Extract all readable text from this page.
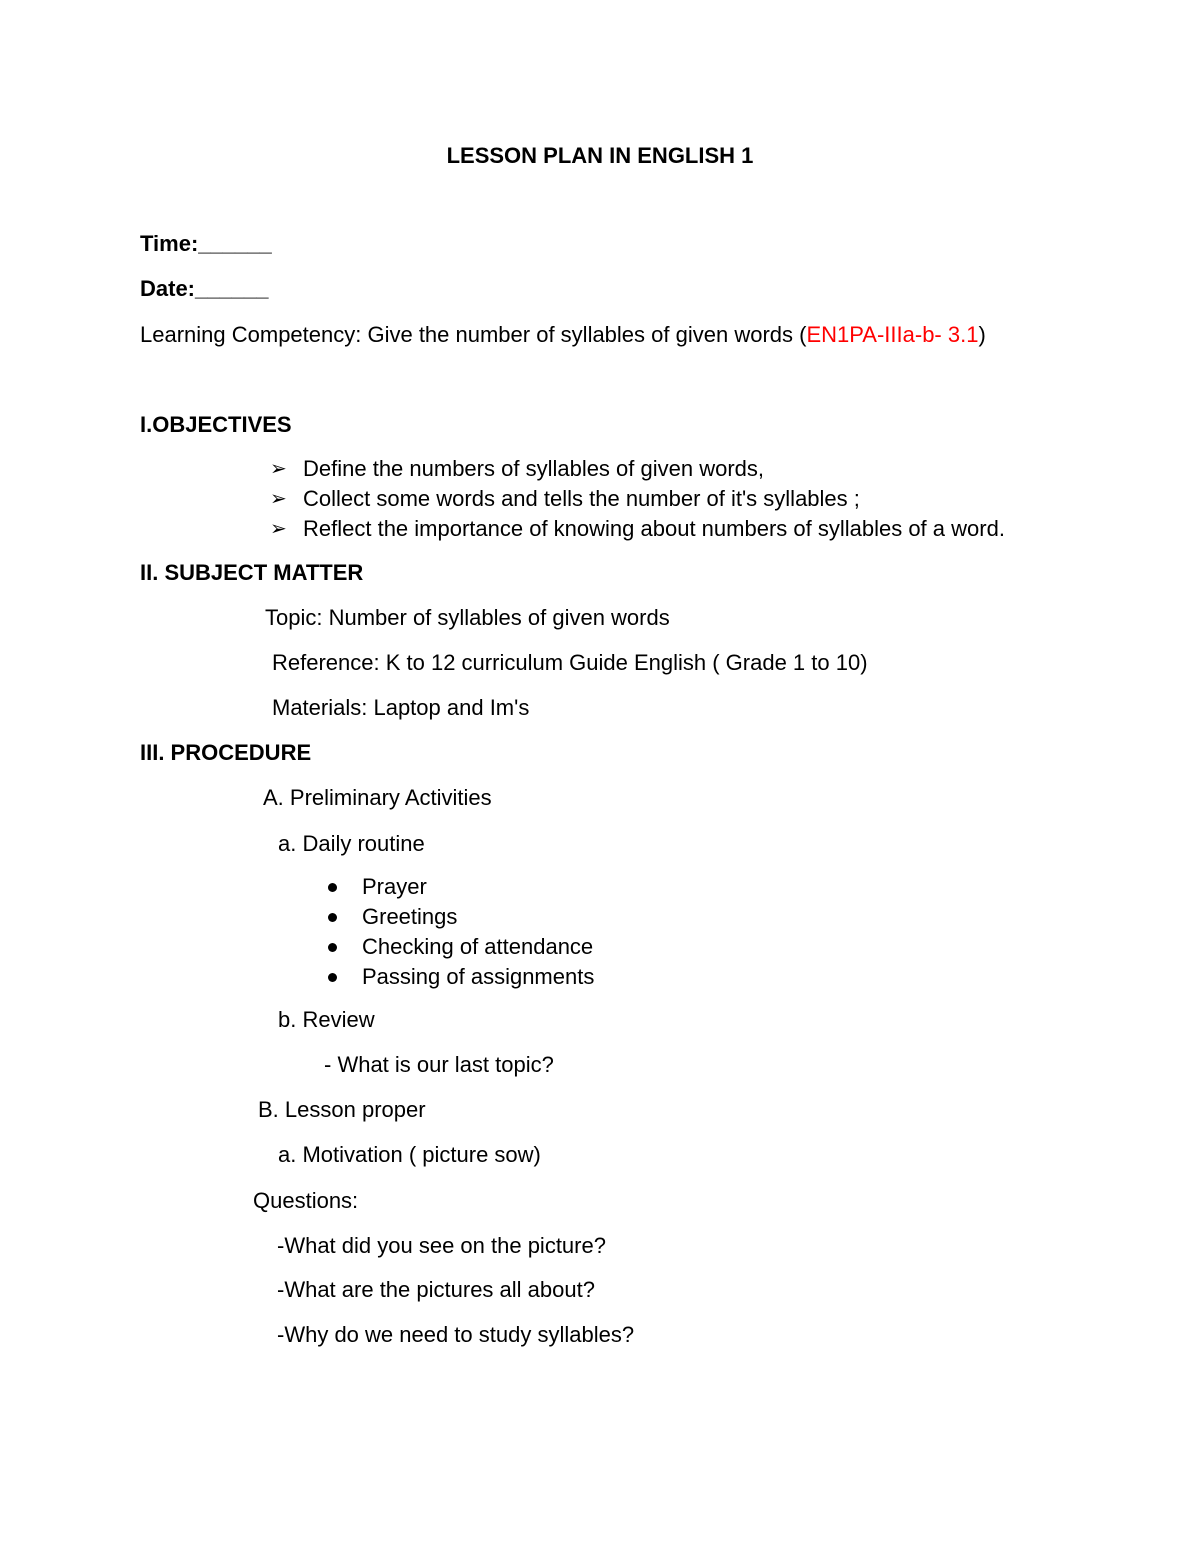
LESSON PLAN IN ENGLISH 1
Time:______
Date:______
Learning Competency: Give the number of syllables of given words (EN1PA-IIIa-b- 3.1)
I.OBJECTIVES
➢ Define the numbers of syllables of given words,
➢ Collect some words and tells the number of it's syllables ;
➢ Reflect the importance of knowing about numbers of syllables of a word.
II. SUBJECT MATTER
Topic: Number of syllables of given words
Reference: K to 12 curriculum Guide English ( Grade 1 to 10)
Materials: Laptop and Im's
III. PROCEDURE
A. Preliminary Activities
a. Daily routine
Prayer
Greetings
Checking of attendance
Passing of assignments
b. Review
- What is our last topic?
B. Lesson proper
a. Motivation ( picture sow)
Questions:
-What did you see on the picture?
-What are the pictures all about?
-Why do we need to study syllables?
